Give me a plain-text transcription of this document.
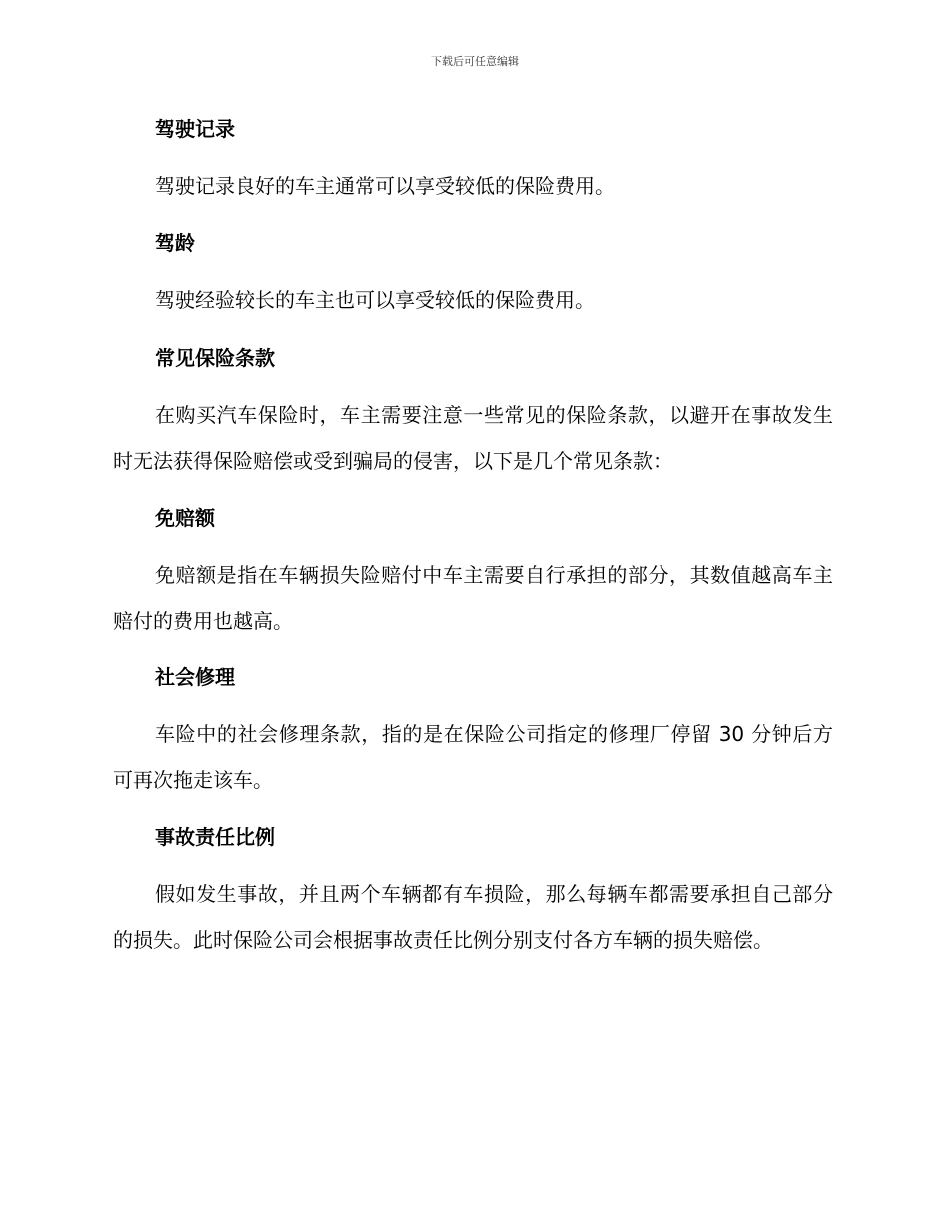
下载后可任意编辑
驾驶记录
驾驶记录良好的车主通常可以享受较低的保险费用。
驾龄
驾驶经验较长的车主也可以享受较低的保险费用。
常见保险条款
在购买汽车保险时，车主需要注意一些常见的保险条款，以避开在事故发生时无法获得保险赔偿或受到骗局的侵害，以下是几个常见条款：
免赔额
免赔额是指在车辆损失险赔付中车主需要自行承担的部分，其数值越高车主赔付的费用也越高。
社会修理
车险中的社会修理条款，指的是在保险公司指定的修理厂停留 30 分钟后方可再次拖走该车。
事故责任比例
假如发生事故，并且两个车辆都有车损险，那么每辆车都需要承担自己部分的损失。此时保险公司会根据事故责任比例分别支付各方车辆的损失赔偿。
